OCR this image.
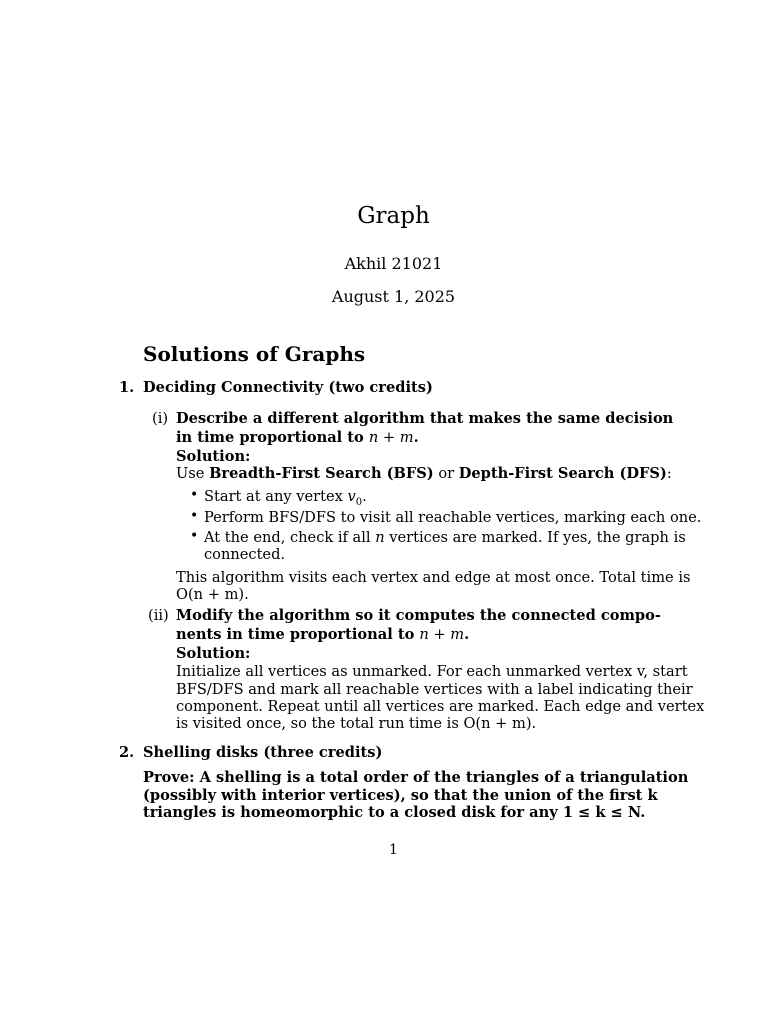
Graph
Akhil 21021
August 1, 2025
Solutions of Graphs
1. Deciding Connectivity (two credits)
(i) Describe a different algorithm that makes the same decision
in time proportional to n + m.
Solution:
Use Breadth-First Search (BFS) or Depth-First Search (DFS):
• Start at any vertex $v_0$.
• Perform BFS/DFS to visit all reachable vertices, marking each one.
• At the end, check if all n vertices are marked. If yes, the graph is
connected.
This algorithm visits each vertex and edge at most once. Total time is
O(n + m).
(ii) Modify the algorithm so it computes the connected compo-
nents in time proportional to n + m.
Solution:
Initialize all vertices as unmarked. For each unmarked vertex v, start
BFS/DFS and mark all reachable vertices with a label indicating their
component. Repeat until all vertices are marked. Each edge and vertex
is visited once, so the total run time is O(n + m).
2. Shelling disks (three credits)
Prove: A shelling is a total order of the triangles of a triangulation
(possibly with interior vertices), so that the union of the first k
triangles is homeomorphic to a closed disk for any 1 ≤ k ≤ N.
1
